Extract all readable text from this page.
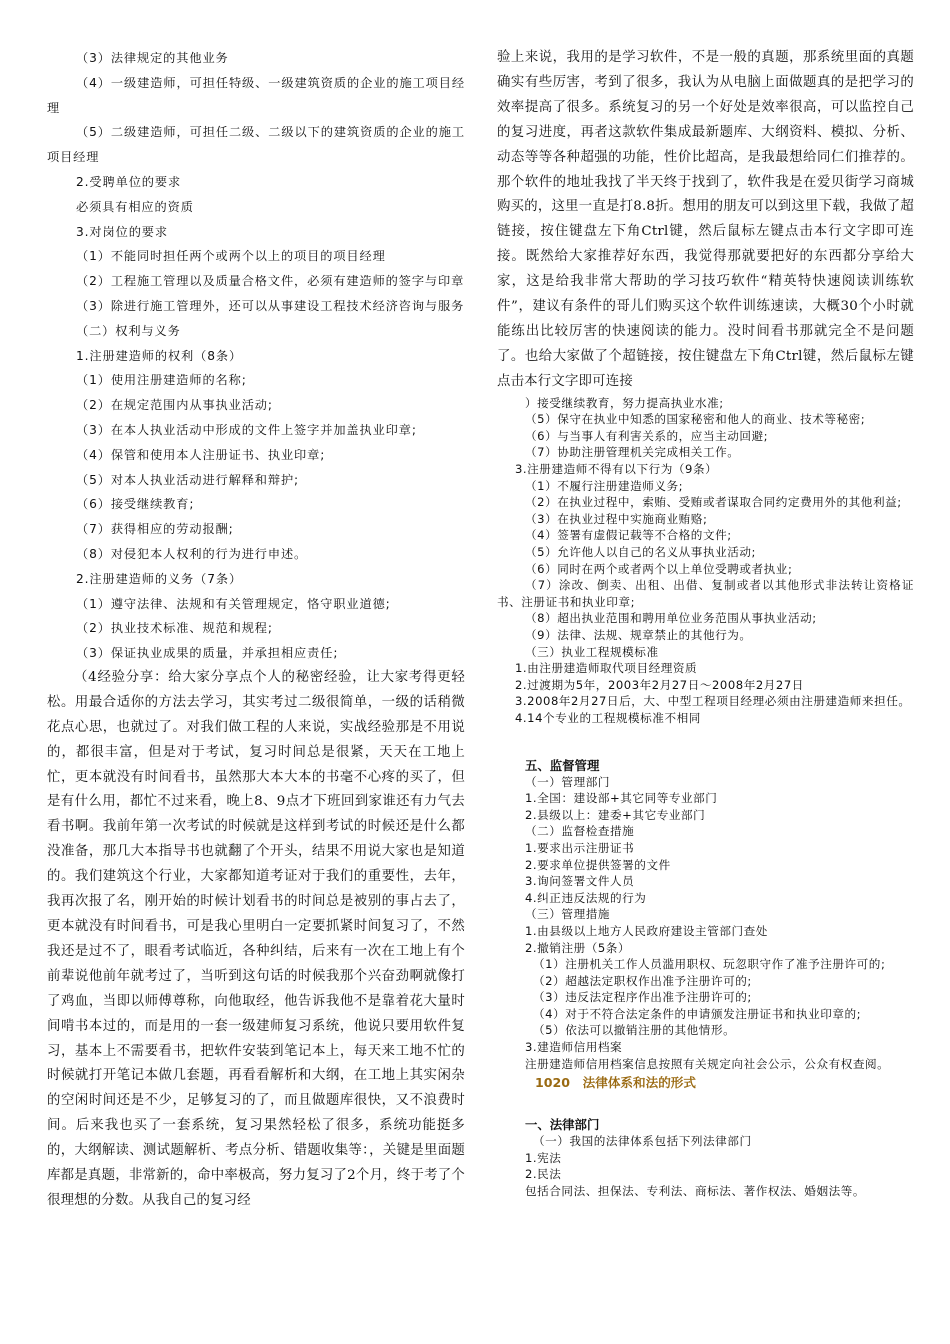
（3）法律规定的其他业务

（4）一级建造师，可担任特级、一级建筑资质的企业的施工项目经理

（5）二级建造师，可担任二级、二级以下的建筑资质的企业的施工项目经理

2.受聘单位的要求

必须具有相应的资质

3.对岗位的要求

（1）不能同时担任两个或两个以上的项目的项目经理

（2）工程施工管理以及质量合格文件，必须有建造师的签字与印章

（3）除进行施工管理外，还可以从事建设工程技术经济咨询与服务

（二）权利与义务

1.注册建造师的权利（8条）

（1）使用注册建造师的名称;

（2）在规定范围内从事执业活动;

（3）在本人执业活动中形成的文件上签字并加盖执业印章;

（4）保管和使用本人注册证书、执业印章;

（5）对本人执业活动进行解释和辩护;

（6）接受继续教育;

（7）获得相应的劳动报酬;

（8）对侵犯本人权利的行为进行申述。

2.注册建造师的义务（7条）

（1）遵守法律、法规和有关管理规定，恪守职业道德;

（2）执业技术标准、规范和规程;

（3）保证执业成果的质量，并承担相应责任;

（4经验分享：给大家分享点个人的秘密经验，让大家考得更轻松。用最合适你的方法去学习，其实考过二级很简单，一级的话稍微花点心思，也就过了。对我们做工程的人来说，实战经验那是不用说的，都很丰富，但是对于考试，复习时间总是很紧，天天在工地上忙，更本就没有时间看书，虽然那大本大本的书毫不心疼的买了，但是有什么用，都忙不过来看，晚上8、9点才下班回到家谁还有力气去看书啊。我前年第一次考试的时候就是这样到考试的时候还是什么都没准备，那几大本指导书也就翻了个开头，结果不用说大家也是知道的。我们建筑这个行业，大家都知道考证对于我们的重要性，去年，我再次报了名，刚开始的时候计划看书的时间总是被别的事占去了，更本就没有时间看书，可是我心里明白一定要抓紧时间复习了，不然我还是过不了，眼看考试临近，各种纠结，后来有一次在工地上有个前辈说他前年就考过了，当听到这句话的时候我那个兴奋劲啊就像打了鸡血，当即以师傅尊称，向他取经，他告诉我他不是靠着花大量时间啃书本过的，而是用的一套一级建师复习系统，他说只要用软件复习，基本上不需要看书，把软件安装到笔记本上，每天来工地不忙的时候就打开笔记本做几套题，再看看解析和大纲，在工地上其实闲杂的空闲时间还是不少，足够复习的了，而且做题库很快，又不浪费时间。后来我也买了一套系统，复习果然轻松了很多，系统功能挺多的，大纲解读、测试题解析、考点分析、错题收集等：，关键是里面题库都是真题，非常新的，命中率极高，努力复习了2个月，终于考了个很理想的分数。从我自己的复习经

验上来说，我用的是学习软件，不是一般的真题，那系统里面的真题确实有些厉害，考到了很多，我认为从电脑上面做题真的是把学习的效率提高了很多。系统复习的另一个好处是效率很高，可以监控自己的复习进度，再者这款软件集成最新题库、大纲资料、模拟、分析、动态等等各种超强的功能，性价比超高，是我最想给同仁们推荐的。那个软件的地址我找了半天终于找到了，软件我是在爱贝街学习商城购买的，这里一直是打8.8折。想用的朋友可以到这里下载，我做了超链接，按住键盘左下角Ctrl键，然后鼠标左键点击本行文字即可连接。既然给大家推荐好东西，我觉得那就要把好的东西都分享给大家，这是给我非常大帮助的学习技巧软件“精英特快速阅读训练软件”，建议有条件的哥儿们购买这个软件训练速读，大概30个小时就能练出比较厉害的快速阅读的能力。没时间看书那就完全不是问题了。也给大家做了个超链接，按住键盘左下角Ctrl键，然后鼠标左键点击本行文字即可连接

）接受继续教育，努力提高执业水准;

（5）保守在执业中知悉的国家秘密和他人的商业、技术等秘密;

（6）与当事人有利害关系的，应当主动回避;

（7）协助注册管理机关完成相关工作。

3.注册建造师不得有以下行为（9条）

（1）不履行注册建造师义务;

（2）在执业过程中，索贿、受贿或者谋取合同约定费用外的其他利益;

（3）在执业过程中实施商业贿赂;

（4）签署有虚假记载等不合格的文件;

（5）允许他人以自己的名义从事执业活动;

（6）同时在两个或者两个以上单位受聘或者执业;

（7）涂改、倒卖、出租、出借、复制或者以其他形式非法转让资格证书、注册证书和执业印章;

（8）超出执业范围和聘用单位业务范围从事执业活动;

（9）法律、法规、规章禁止的其他行为。

（三）执业工程规模标准

1.由注册建造师取代项目经理资质

2.过渡期为5年，2003年2月27日～2008年2月27日

3.2008年2月27日后，大、中型工程项目经理必须由注册建造师来担任。

4.14个专业的工程规模标准不相同

五、监督管理

（一）管理部门

1.全国：建设部+其它同等专业部门

2.县级以上：建委+其它专业部门

（二）监督检查措施

1.要求出示注册证书

2.要求单位提供签署的文件

3.询问签署文件人员

4.纠正违反法规的行为

（三）管理措施

1.由县级以上地方人民政府建设主管部门查处

2.撤销注册（5条）

（1）注册机关工作人员滥用职权、玩忽职守作了准予注册许可的;

（2）超越法定职权作出准予注册许可的;

（3）违反法定程序作出准予注册许可的;

（4）对于不符合法定条件的申请颁发注册证书和执业印章的;

（5）依法可以撤销注册的其他情形。

3.建造师信用档案

注册建造师信用档案信息按照有关规定向社会公示，公众有权查阅。

1020　法律体系和法的形式

一、法律部门

（一）我国的法律体系包括下列法律部门

1.宪法

2.民法

包括合同法、担保法、专利法、商标法、著作权法、婚姻法等。
